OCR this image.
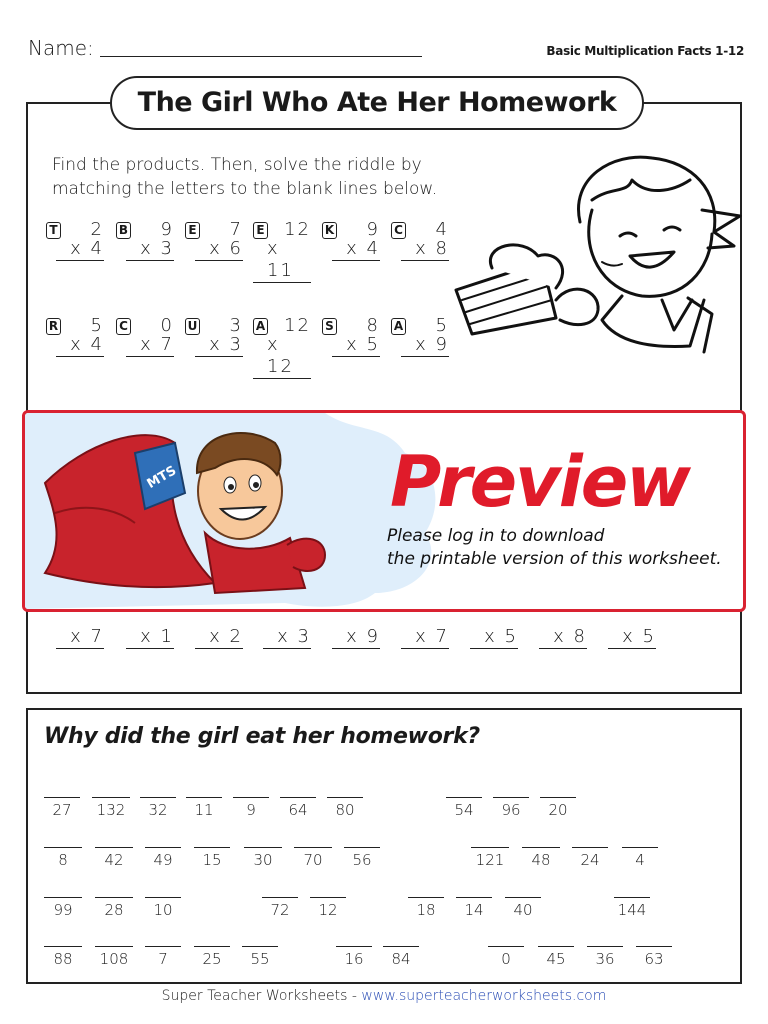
Name:	Basic Multiplication Facts 1-12
The Girl Who Ate Her Homework
Find the products. Then, solve the riddle by matching the letters to the blank lines below.
T 2
x 4
B 9
x 3
E 7
x 6
E 12
x 11
K 9
x 4
C 4
x 8
R 5
x 4
C 0
x 7
U 3
x 3
A 12
x 12
S 8
x 5
A 5
x 9
x 7	x 1	x 2	x 3	x 9	x 7	x 5	x 8	x 5
MTS	Preview
Please log in to download
the printable version of this worksheet.
Why did the girl eat her homework?
27	132	32	11	9	64	80	54	96	20
8	42	49	15	30	70	56	121	48	24	4
99	28	10	72	12	18	14	40	144
88	108	7	25	55	16	84	0	45	36	63
Super Teacher Worksheets - www.superteacherworksheets.com
